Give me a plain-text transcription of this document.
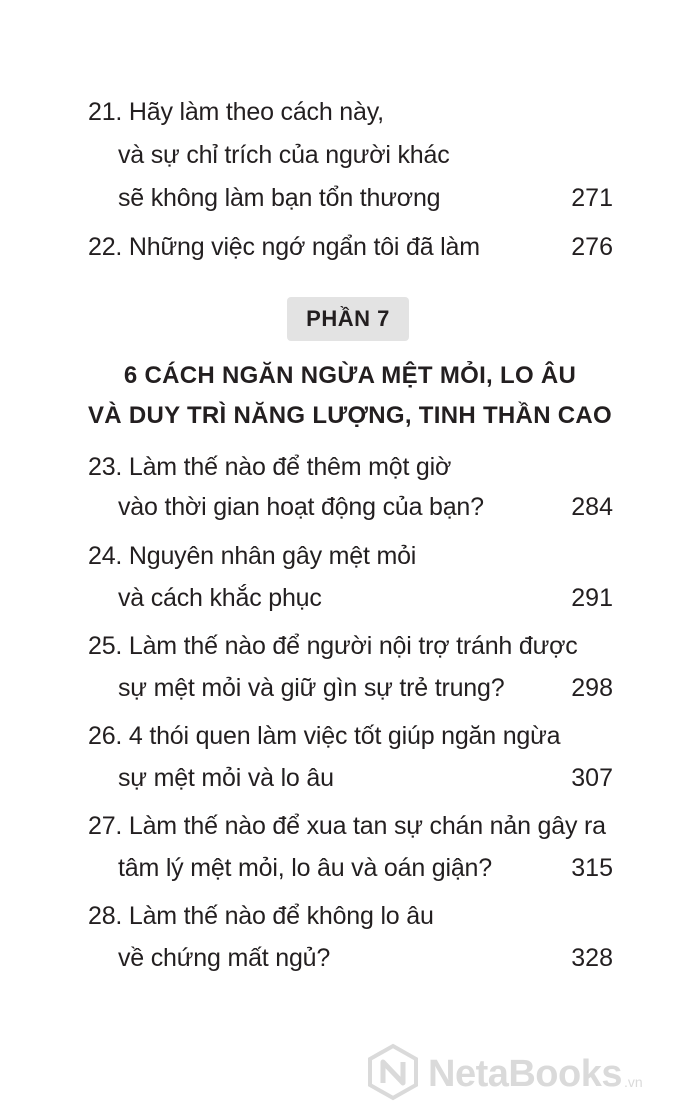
21. Hãy làm theo cách này,
và sự chỉ trích của người khác
sẽ không làm bạn tổn thương	271
22. Những việc ngớ ngẩn tôi đã làm	276
PHẦN 7
6 CÁCH NGĂN NGỪA MỆT MỎI, LO ÂU
VÀ DUY TRÌ NĂNG LƯỢNG, TINH THẦN CAO
23. Làm thế nào để thêm một giờ
vào thời gian hoạt động của bạn?	284
24. Nguyên nhân gây mệt mỏi
và cách khắc phục	291
25. Làm thế nào để người nội trợ tránh được
sự mệt mỏi và giữ gìn sự trẻ trung?	298
26. 4 thói quen làm việc tốt giúp ngăn ngừa
sự mệt mỏi và lo âu	307
27. Làm thế nào để xua tan sự chán nản gây ra
tâm lý mệt mỏi, lo âu và oán giận?	315
28. Làm thế nào để không lo âu
về chứng mất ngủ?	328
NetaBooks .vn
